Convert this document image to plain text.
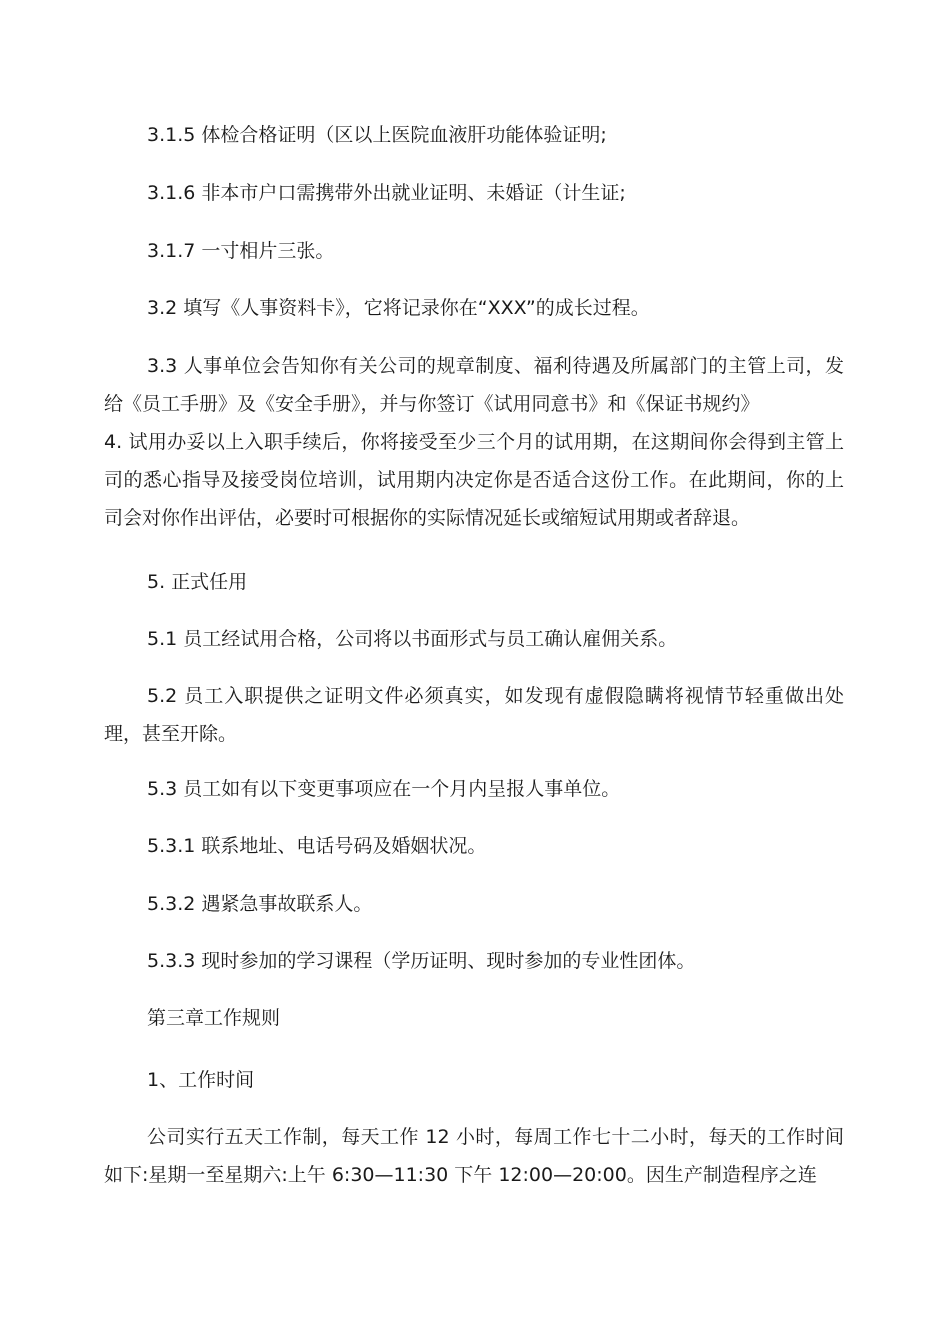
3.1.5 体检合格证明（区以上医院血液肝功能体验证明;
3.1.6 非本市户口需携带外出就业证明、未婚证（计生证;
3.1.7 一寸相片三张。
3.2 填写《人事资料卡》，它将记录你在“XXX”的成长过程。
3.3 人事单位会告知你有关公司的规章制度、福利待遇及所属部门的主管上司，发给《员工手册》及《安全手册》，并与你签订《试用同意书》和《保证书规约》
4. 试用办妥以上入职手续后，你将接受至少三个月的试用期，在这期间你会得到主管上司的悉心指导及接受岗位培训，试用期内决定你是否适合这份工作。在此期间，你的上司会对你作出评估，必要时可根据你的实际情况延长或缩短试用期或者辞退。
5. 正式任用
5.1 员工经试用合格，公司将以书面形式与员工确认雇佣关系。
5.2 员工入职提供之证明文件必须真实，如发现有虚假隐瞒将视情节轻重做出处理，甚至开除。
5.3 员工如有以下变更事项应在一个月内呈报人事单位。
5.3.1 联系地址、电话号码及婚姻状况。
5.3.2 遇紧急事故联系人。
5.3.3 现时参加的学习课程（学历证明、现时参加的专业性团体。
第三章工作规则
1、工作时间
公司实行五天工作制，每天工作 12 小时，每周工作七十二小时，每天的工作时间如下:星期一至星期六:上午 6:30—11:30 下午 12:00—20:00。因生产制造程序之连
